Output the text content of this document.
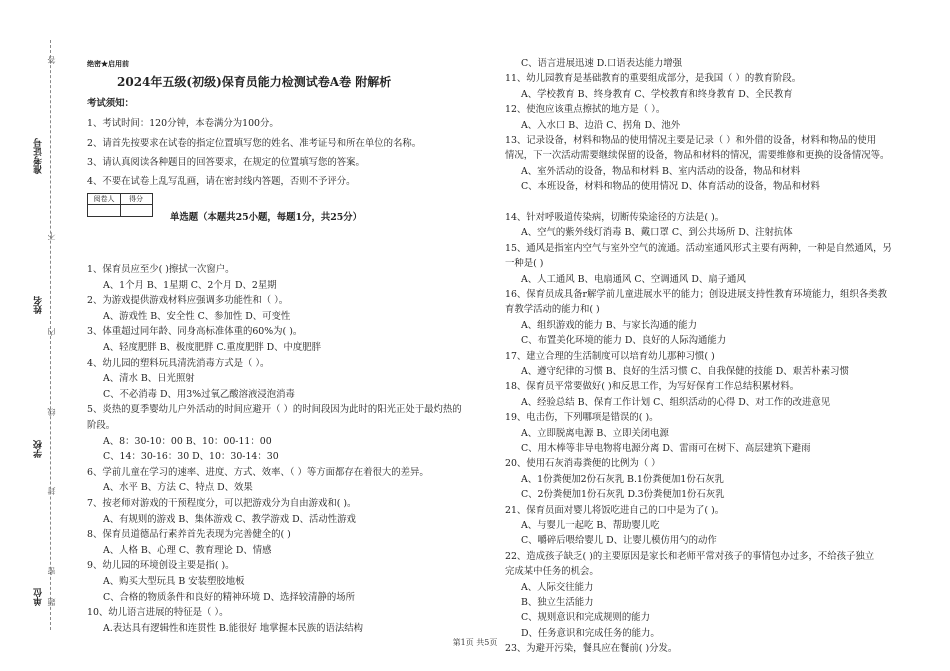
准考证号
姓名
学校
单位
答
不
内
线
封
密
题
绝密★启用前
2024年五级(初级)保育员能力检测试卷A卷 附解析
考试须知：
1、考试时间：120分钟，本卷满分为100分。
2、请首先按要求在试卷的指定位置填写您的姓名、准考证号和所在单位的名称。
3、请认真阅读各种题目的回答要求，在规定的位置填写您的答案。
4、不要在试卷上乱写乱画，请在密封线内答题，否则不予评分。
阅卷人	得分
单选题（本题共25小题，每题1分，共25分）
1、保育员应至少( )擦拭一次窗户。
A、1个月 B、1星期 C、2个月 D、2星期
2、为游戏提供游戏材料应强调多功能性和（ ）。
A、游戏性 B、安全性 C、参加性 D、可变性
3、体重超过同年龄、同身高标准体重的60%为( )。
A、轻度肥胖 B、极度肥胖 C.重度肥胖 D、中度肥胖
4、幼儿园的塑料玩具清洗消毒方式是（ ）。
A、清水 B、日光照射
C、不必消毒 D、用3%过氧乙酸溶液浸泡消毒
5、炎热的夏季婴幼儿户外活动的时间应避开（ ）的时间段因为此时的阳光正处于最灼热的
阶段。
A、8：30-10：00 B、10：00-11：00
C、14：30-16：30 D、10：30-14：30
6、学前儿童在学习的速率、进度、方式、效率、（ ）等方面都存在着很大的差异。
A、水平 B、方法 C、特点 D、效果
7、按老师对游戏的干预程度分，可以把游戏分为自由游戏和( )。
A、有规则的游戏 B、集体游戏 C、教学游戏 D、活动性游戏
8、保育员道德品行素养首先表现为完善健全的( )
A、人格 B、心理 C、教育理论 D、情感
9、幼儿园的环境创设主要是指( )。
A、购买大型玩具 B 安装塑胶地板
C、合格的物质条件和良好的精神环境 D、选择较清静的场所
10、幼儿语言进展的特征是（ ）。
A.表达具有逻辑性和连贯性 B.能很好 地掌握本民族的语法结构
C、语言进展迅速 D.口语表达能力增强
11、幼儿园教育是基础教育的重要组成部分，是我国（ ）的教育阶段。
A、学校教育 B、终身教育 C、学校教育和终身教育 D、全民教育
12、使泡应该重点擦拭的地方是（ ）。
A、入水口 B、边沿 C、拐角 D、池外
13、记录设备，材料和物品的使用情况主要是记录（ ）和外借的设备，材料和物品的使用
情况，下一次活动需要继续保留的设备，物品和材料的情况，需要维修和更换的设备情况等。
A、室外活动的设备，物品和材料 B、室内活动的设备，物品和材料
C、本班设备，材料和物品的使用情况 D、体育活动的设备，物品和材料
14、针对呼吸道传染病，切断传染途径的方法是( )。
A、空气的紫外线灯消毒 B、戴口罩 C、到公共场所 D、注射抗体
15、通风是指室内空气与室外空气的流通。活动室通风形式主要有两种，一种是自然通风，另
一种是( )
A、人工通风 B、电扇通风 C、空调通风 D、扇子通风
16、保育员成具备r解学前儿童进展水平的能力；创设进展支持性教育环境能力，组织各类教
育教学活动的能力和( )
A、组织游戏的能力 B、与家长沟通的能力
C、布置美化环境的能力 D、良好的人际沟通能力
17、建立合理的生活制度可以培育幼儿那种习惯( )
A、遵守纪律的习惯 B、良好的生活习惯 C、自我保健的技能 D、艰苦朴素习惯
18、保育员平常要做好( )和反思工作，为写好保育工作总结积累材料。
A、经验总结 B、保育工作计划 C、组织活动的心得 D、对工作的改进意见
19、电击伤，下列哪项是错误的( )。
A、立即脱离电源 B、立即关闭电源
C、用木棒等非导电物将电源分离 D、雷雨可在树下、高层建筑下避雨
20、使用石灰消毒粪便的比例为（ ）
A、1份粪便加2份石灰乳 B.1份粪便加1份石灰乳
C、2份粪便加1份石灰乳 D.3份粪便加1份石灰乳
21、保育员面对婴儿将饭吃进自己的口中是为了( )。
A、与婴儿一起吃 B、帮助婴儿吃
C、嚼碎后喂给婴儿 D、让婴儿模仿用勺的动作
22、造成孩子缺乏( )的主要原因是家长和老师平常对孩子的事情包办过多，不给孩子独立
完成某中任务的机会。
A、人际交往能力
B、独立生活能力
C、规则意识和完成规则的能力
D、任务意识和完成任务的能力。
23、为避开污染，餐具应在餐前( )分发。
第1页 共5页
